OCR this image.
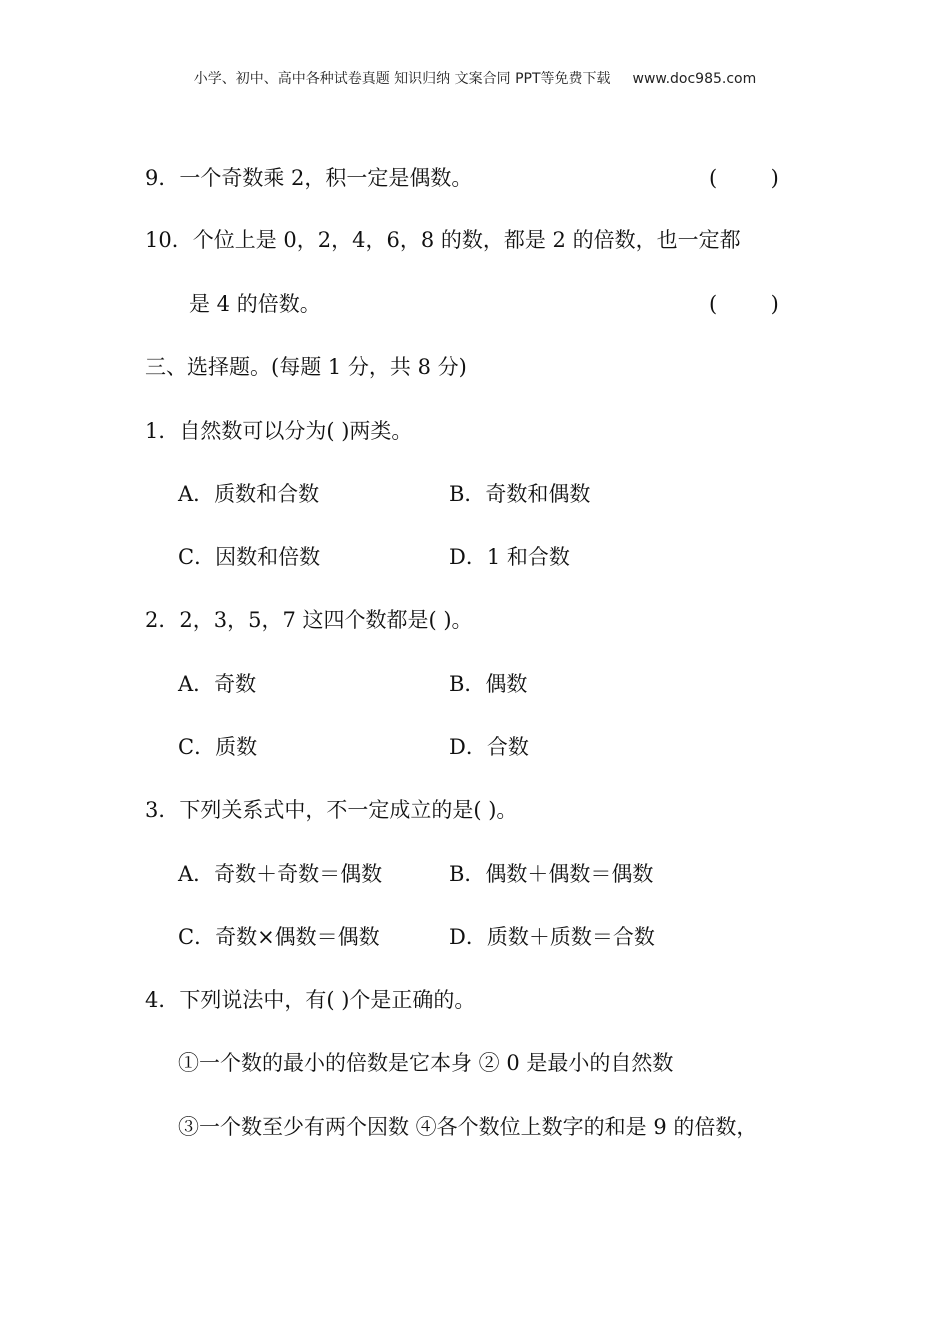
小学、初中、高中各种试卷真题 知识归纳 文案合同 PPT等免费下载 www.doc985.com
9．一个奇数乘 2，积一定是偶数。	(        )
10．个位上是 0，2，4，6，8 的数，都是 2 的倍数，也一定都
是 4 的倍数。	(        )
三、选择题。(每题 1 分，共 8 分)
1．自然数可以分为( )两类。
A．质数和合数	B．奇数和偶数
C．因数和倍数	D．1 和合数
2．2，3，5，7 这四个数都是( )。
A．奇数	B．偶数
C．质数	D．合数
3．下列关系式中，不一定成立的是( )。
A．奇数＋奇数＝偶数	B．偶数＋偶数＝偶数
C．奇数×偶数＝偶数	D．质数＋质数＝合数
4．下列说法中，有( )个是正确的。
①一个数的最小的倍数是它本身 ② 0 是最小的自然数
③一个数至少有两个因数 ④各个数位上数字的和是 9 的倍数，
